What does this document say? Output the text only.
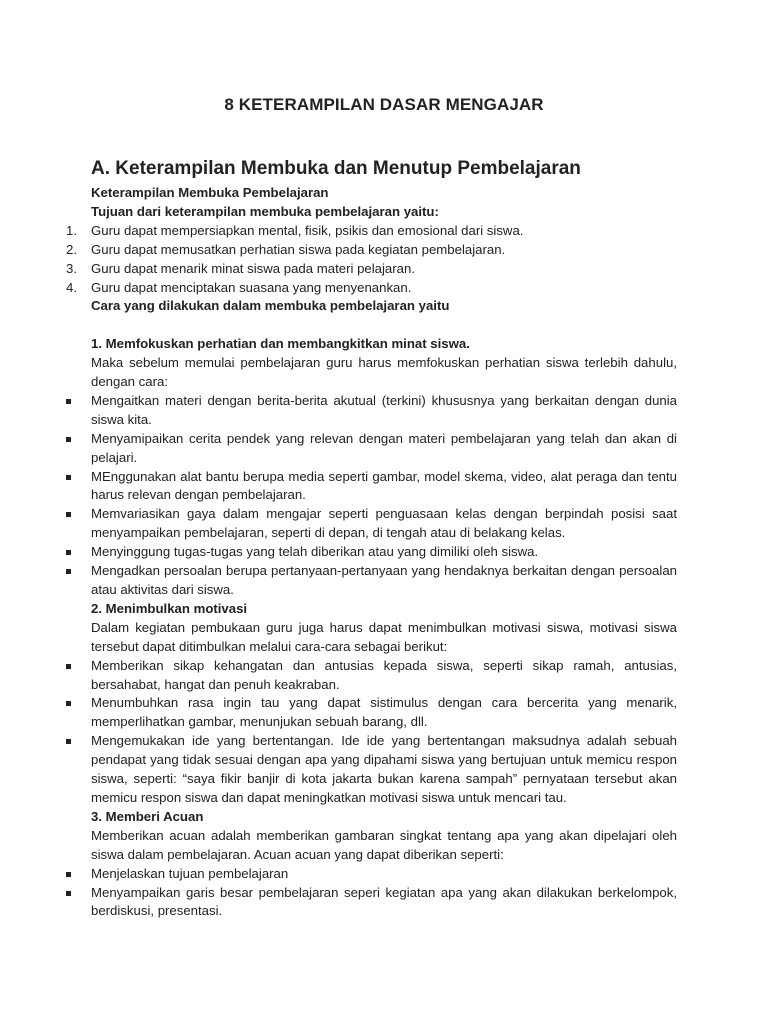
8 KETERAMPILAN DASAR MENGAJAR
A. Keterampilan Membuka dan Menutup Pembelajaran

Keterampilan Membuka Pembelajaran

Tujuan dari keterampilan membuka pembelajaran yaitu:

1. Guru dapat mempersiapkan mental, fisik, psikis dan emosional dari siswa.
2. Guru dapat memusatkan perhatian siswa pada kegiatan pembelajaran.
3. Guru dapat menarik minat siswa pada materi pelajaran.
4. Guru dapat menciptakan suasana yang menyenankan.

Cara yang dilakukan dalam membuka pembelajaran yaitu

1. Memfokuskan perhatian dan membangkitkan minat siswa.

Maka sebelum memulai pembelajaran guru harus memfokuskan perhatian siswa terlebih dahulu, dengan cara:

Mengaitkan materi dengan berita-berita akutual (terkini) khususnya yang berkaitan dengan dunia siswa kita.
Menyamipaikan cerita pendek yang relevan dengan materi pembelajaran yang telah dan akan di pelajari.
MEnggunakan alat bantu berupa media seperti gambar, model skema, video, alat peraga dan tentu harus relevan dengan pembelajaran.
Memvariasikan gaya dalam mengajar seperti penguasaan kelas dengan berpindah posisi saat menyampaikan pembelajaran, seperti di depan, di tengah atau di belakang kelas.
Menyinggung tugas-tugas yang telah diberikan atau yang dimiliki oleh siswa.
Mengadkan persoalan berupa pertanyaan-pertanyaan yang hendaknya berkaitan dengan persoalan atau aktivitas dari siswa.

2. Menimbulkan motivasi

Dalam kegiatan pembukaan guru juga harus dapat menimbulkan motivasi siswa, motivasi siswa tersebut dapat ditimbulkan melalui cara-cara sebagai berikut:

Memberikan sikap kehangatan dan antusias kepada siswa, seperti sikap ramah, antusias, bersahabat, hangat dan penuh keakraban.
Menumbuhkan rasa ingin tau yang dapat sistimulus dengan cara bercerita yang menarik, memperlihatkan gambar, menunjukan sebuah barang, dll.
Mengemukakan ide yang bertentangan. Ide ide yang bertentangan maksudnya adalah sebuah pendapat yang tidak sesuai dengan apa yang dipahami siswa yang bertujuan untuk memicu respon siswa, seperti: “saya fikir banjir di kota jakarta bukan karena sampah” pernyataan tersebut akan memicu respon siswa dan dapat meningkatkan motivasi siswa untuk mencari tau.

3. Memberi Acuan

Memberikan acuan adalah memberikan gambaran singkat tentang apa yang akan dipelajari oleh siswa dalam pembelajaran. Acuan acuan yang dapat diberikan seperti:

Menjelaskan tujuan pembelajaran
Menyampaikan garis besar pembelajaran seperi kegiatan apa yang akan dilakukan berkelompok, berdiskusi, presentasi.
